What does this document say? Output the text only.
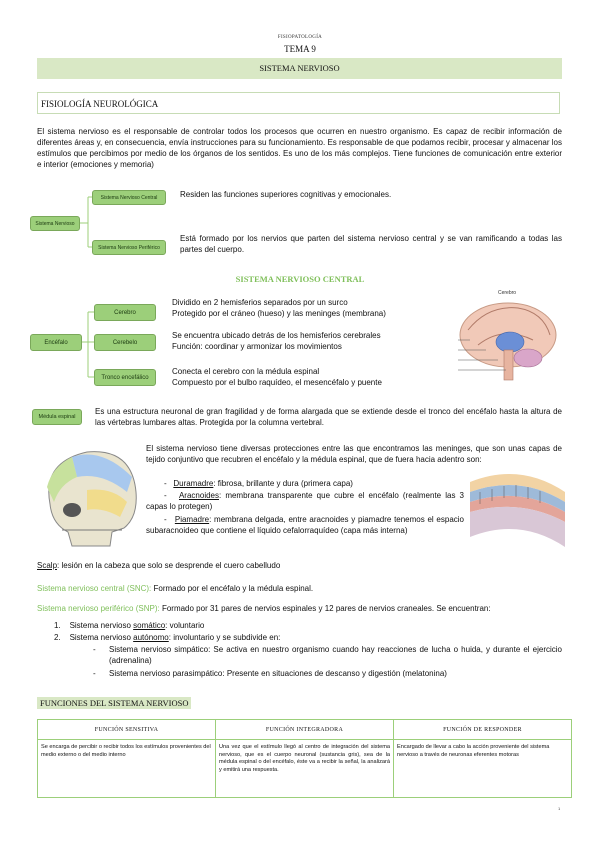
FISIOPATOLOGÍA
TEMA 9
SISTEMA NERVIOSO
FISIOLOGÍA NEUROLÓGICA
El sistema nervioso es el responsable de controlar todos los procesos que ocurren en nuestro organismo. Es capaz de recibir información de diferentes áreas y, en consecuencia, envía instrucciones para su funcionamiento. Es responsable de que podamos recibir, procesar y almacenar los estímulos que percibimos por medio de los órganos de los sentidos. Es uno de los más complejos. Tiene funciones de comunicación entre exterior e interior (emociones y memoria)
Sistema Nervioso
Sistema Nervioso Central
Sistema Nervioso Periférico
Residen las funciones superiores cognitivas y emocionales.
Está formado por los nervios que parten del sistema nervioso central y se van ramificando a todas las partes del cuerpo.
SISTEMA NERVIOSO CENTRAL
Encéfalo
Cerebro
Cerebelo
Tronco encefálico
Dividido en 2 hemisferios separados por un surco
Protegido por el cráneo (hueso) y las meninges (membrana)
Se encuentra ubicado detrás de los hemisferios cerebrales
Función: coordinar y armonizar los movimientos
Conecta el cerebro con la médula espinal
Compuesto por el bulbo raquídeo, el mesencéfalo y puente
Cerebro
Médula espinal
Es una estructura neuronal de gran fragilidad y de forma alargada que se extiende desde el tronco del encéfalo hasta la altura de las vértebras lumbares altas. Protegida por la columna vertebral.
El sistema nervioso tiene diversas protecciones entre las que encontramos las meninges, que son unas capas de tejido conjuntivo que recubren el encéfalo y la médula espinal, que de fuera hacia adentro son:
- Duramadre: fibrosa, brillante y dura (primera capa)
- Aracnoides: membrana transparente que cubre el encéfalo (realmente las 3 capas lo protegen)
- Piamadre: membrana delgada, entre aracnoides y piamadre tenemos el espacio subaracnoideo que contiene el líquido cefalorraquídeo (capa más interna)
Scalp: lesión en la cabeza que solo se desprende el cuero cabelludo
Sistema nervioso central (SNC): Formado por el encéfalo y la médula espinal.
Sistema nervioso periférico (SNP): Formado por 31 pares de nervios espinales y 12 pares de nervios craneales. Se encuentran:
1. Sistema nervioso somático: voluntario
2. Sistema nervioso autónomo: involuntario y se subdivide en:
-	Sistema nervioso simpático: Se activa en nuestro organismo cuando hay reacciones de lucha o huida, y durante el ejercicio (adrenalina)
-	Sistema nervioso parasimpático: Presente en situaciones de descanso y digestión (melatonina)
FUNCIONES DEL SISTEMA NERVIOSO
FUNCIÓN SENSITIVA	FUNCIÓN INTEGRADORA	FUNCIÓN DE RESPONDER
Se encarga de percibir o recibir todos los estímulos provenientes del medio externo o del medio interno	Una vez que el estímulo llegó al centro de integración del sistema nervioso, que es el cuerpo neuronal (sustancia gris), sea de la médula espinal o del encéfalo, éste va a recibir la señal, la analizará y emitirá una respuesta.	Encargado de llevar a cabo la acción proveniente del sistema nervioso a través de neuronas eferentes motoras
1
